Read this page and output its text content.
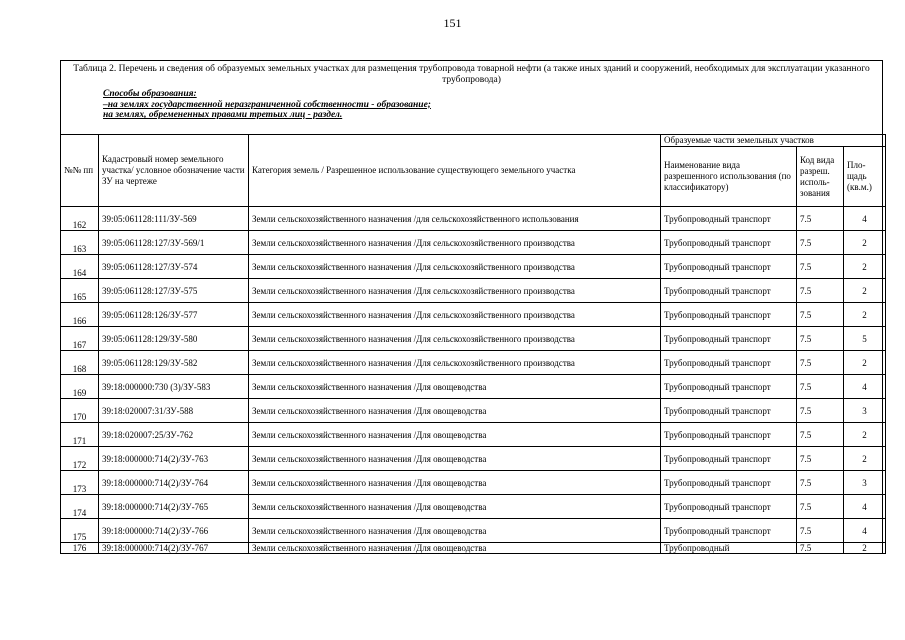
151
Таблица 2. Перечень и сведения об образуемых земельных участках для размещения трубопровода товарной нефти (а также иных зданий и сооружений, необходимых для эксплуатации указанного трубопровода)
Способы образования:
–на землях государственной неразграниченной собственности - образование;
на землях, обремененных правами третьих лиц - раздел.
№№ пп	Кадастровый номер земельного участка/ условное обозначение части ЗУ на чертеже	Категория земель / Разрешенное использование существующего земельного участка	Образуемые части земельных участков		
			Наименование вида разрешенного использования (по классификатору)	Код вида разреш. исполь-зования	Пло-щадь (кв.м.)
162	39:05:061128:111/ЗУ-569	Земли сельскохозяйственного назначения /для сельскохозяйственного использования	Трубопроводный транспорт	7.5	4
163	39:05:061128:127/ЗУ-569/1	Земли сельскохозяйственного назначения /Для сельскохозяйственного производства	Трубопроводный транспорт	7.5	2
164	39:05:061128:127/ЗУ-574	Земли сельскохозяйственного назначения /Для сельскохозяйственного производства	Трубопроводный транспорт	7.5	2
165	39:05:061128:127/ЗУ-575	Земли сельскохозяйственного назначения /Для сельскохозяйственного производства	Трубопроводный транспорт	7.5	2
166	39:05:061128:126/ЗУ-577	Земли сельскохозяйственного назначения /Для сельскохозяйственного производства	Трубопроводный транспорт	7.5	2
167	39:05:061128:129/ЗУ-580	Земли сельскохозяйственного назначения /Для сельскохозяйственного производства	Трубопроводный транспорт	7.5	5
168	39:05:061128:129/ЗУ-582	Земли сельскохозяйственного назначения /Для сельскохозяйственного производства	Трубопроводный транспорт	7.5	2
169	39:18:000000:730 (3)/ЗУ-583	Земли сельскохозяйственного назначения /Для овощеводства	Трубопроводный транспорт	7.5	4
170	39:18:020007:31/ЗУ-588	Земли сельскохозяйственного назначения /Для овощеводства	Трубопроводный транспорт	7.5	3
171	39:18:020007:25/ЗУ-762	Земли сельскохозяйственного назначения /Для овощеводства	Трубопроводный транспорт	7.5	2
172	39:18:000000:714(2)/ЗУ-763	Земли сельскохозяйственного назначения /Для овощеводства	Трубопроводный транспорт	7.5	2
173	39:18:000000:714(2)/ЗУ-764	Земли сельскохозяйственного назначения /Для овощеводства	Трубопроводный транспорт	7.5	3
174	39:18:000000:714(2)/ЗУ-765	Земли сельскохозяйственного назначения /Для овощеводства	Трубопроводный транспорт	7.5	4
175	39:18:000000:714(2)/ЗУ-766	Земли сельскохозяйственного назначения /Для овощеводства	Трубопроводный транспорт	7.5	4
176	39:18:000000:714(2)/ЗУ-767	Земли сельскохозяйственного назначения /Для овощеводства	Трубопроводный	7.5	2
